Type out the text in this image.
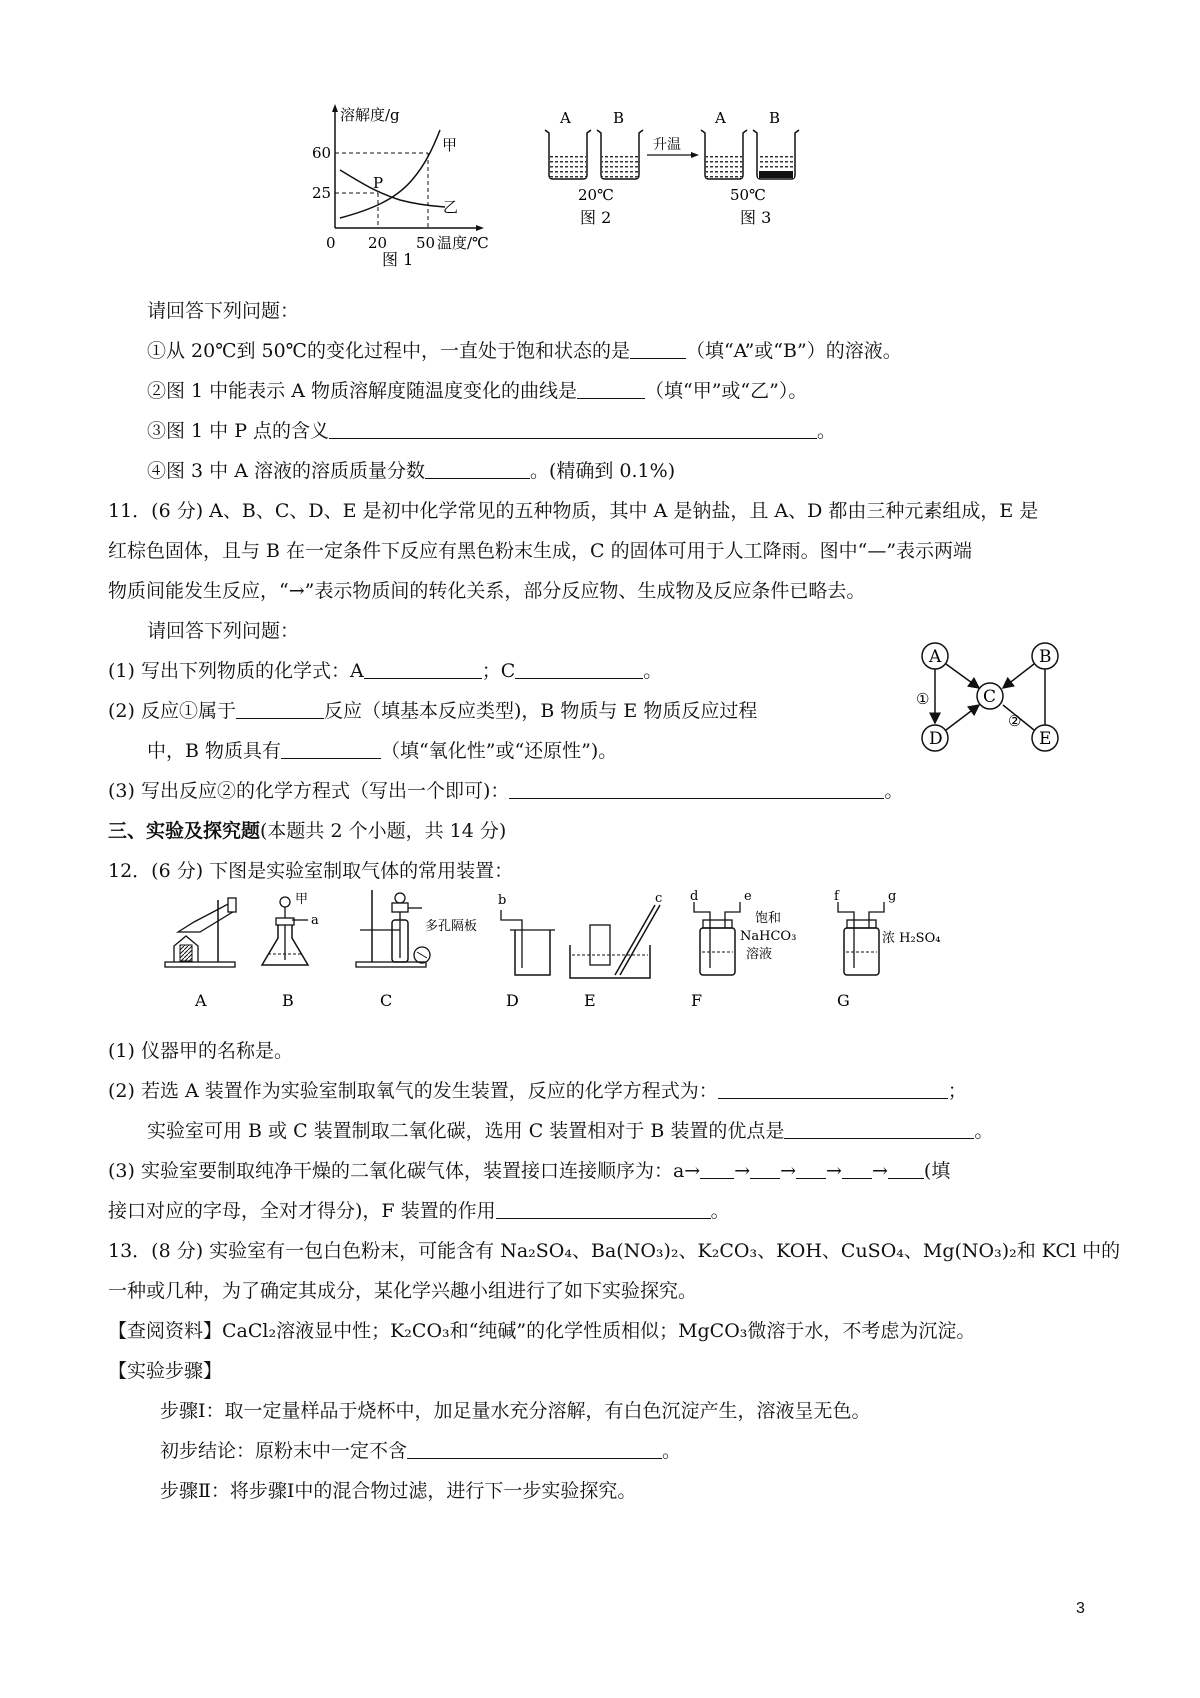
溶解度/g
60
25
0 20 50 温度/℃
甲
乙
P
图 1
A	B	A	B
升温
20℃	50℃
图 2	图 3
请回答下列问题：
①从 20℃到 50℃的变化过程中，一直处于饱和状态的是	（填“A”或“B”）的溶液。
②图 1 中能表示 A 物质溶解度随温度变化的曲线是	（填“甲”或“乙”）。
③图 1 中 P 点的含义	。
④图 3 中 A 溶液的溶质质量分数	。(精确到 0.1%)
11．(6 分) A、B、C、D、E 是初中化学常见的五种物质，其中 A 是钠盐，且 A、D 都由三种元素组成，E 是
红棕色固体，且与 B 在一定条件下反应有黑色粉末生成，C 的固体可用于人工降雨。图中“—”表示两端
物质间能发生反应，“→”表示物质间的转化关系，部分反应物、生成物及反应条件已略去。
请回答下列问题：
(1) 写出下列物质的化学式：A	；C	。
(2) 反应①属于	反应（填基本反应类型)，B 物质与 E 物质反应过程
中，B 物质具有	（填“氧化性”或“还原性”)。
(3) 写出反应②的化学方程式（写出一个即可)：	。
A	B
C
D	E
①
②
三、实验及探究题(本题共 2 个小题，共 14 分)
12．(6 分) 下图是实验室制取气体的常用装置：
甲
a	多孔隔板
b	c d	e	f	g
饱和
NaHCO₃
溶液
浓 H₂SO₄
A	B	C	D	E	F	G
(1) 仪器甲的名称是。
(2) 若选 A 装置作为实验室制取氧气的发生装置，反应的化学方程式为：	；
实验室可用 B 或 C 装置制取二氧化碳，选用 C 装置相对于 B 装置的优点是	。
(3) 实验室要制取纯净干燥的二氧化碳气体，装置接口连接顺序为：a→ → → → → (填
接口对应的字母，全对才得分)，F 装置的作用	。
13．(8 分) 实验室有一包白色粉末，可能含有 Na₂SO₄、Ba(NO₃)₂、K₂CO₃、KOH、CuSO₄、Mg(NO₃)₂和 KCl 中的
一种或几种，为了确定其成分，某化学兴趣小组进行了如下实验探究。
【查阅资料】CaCl₂溶液显中性；K₂CO₃和“纯碱”的化学性质相似；MgCO₃微溶于水，不考虑为沉淀。
【实验步骤】
步骤Ⅰ：取一定量样品于烧杯中，加足量水充分溶解，有白色沉淀产生，溶液呈无色。
初步结论：原粉末中一定不含	。
步骤Ⅱ：将步骤Ⅰ中的混合物过滤，进行下一步实验探究。
3
